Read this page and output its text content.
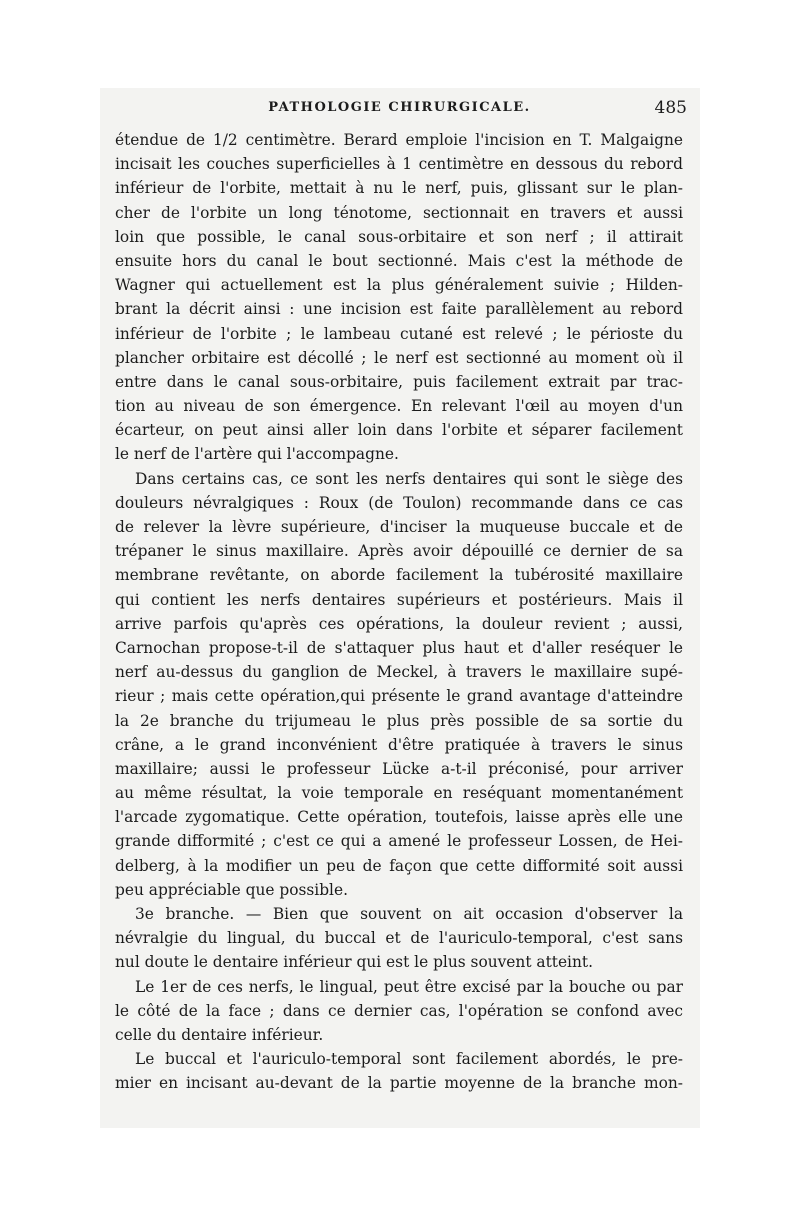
PATHOLOGIE CHIRURGICALE.	485
étendue de 1/2 centimètre. Berard emploie l'incision en T. Malgaigne
incisait les couches superficielles à 1 centimètre en dessous du rebord
inférieur de l'orbite, mettait à nu le nerf, puis, glissant sur le plan-
cher de l'orbite un long ténotome, sectionnait en travers et aussi
loin que possible, le canal sous-orbitaire et son nerf ; il attirait
ensuite hors du canal le bout sectionné. Mais c'est la méthode de
Wagner qui actuellement est la plus généralement suivie ; Hilden-
brant la décrit ainsi : une incision est faite parallèlement au rebord
inférieur de l'orbite ; le lambeau cutané est relevé ; le périoste du
plancher orbitaire est décollé ; le nerf est sectionné au moment où il
entre dans le canal sous-orbitaire, puis facilement extrait par trac-
tion au niveau de son émergence. En relevant l'œil au moyen d'un
écarteur, on peut ainsi aller loin dans l'orbite et séparer facilement
le nerf de l'artère qui l'accompagne.
Dans certains cas, ce sont les nerfs dentaires qui sont le siège des
douleurs névralgiques : Roux (de Toulon) recommande dans ce cas
de relever la lèvre supérieure, d'inciser la muqueuse buccale et de
trépaner le sinus maxillaire. Après avoir dépouillé ce dernier de sa
membrane revêtante, on aborde facilement la tubérosité maxillaire
qui contient les nerfs dentaires supérieurs et postérieurs. Mais il
arrive parfois qu'après ces opérations, la douleur revient ; aussi,
Carnochan propose-t-il de s'attaquer plus haut et d'aller reséquer le
nerf au-dessus du ganglion de Meckel, à travers le maxillaire supé-
rieur ; mais cette opération,qui présente le grand avantage d'atteindre
la 2e branche du trijumeau le plus près possible de sa sortie du
crâne, a le grand inconvénient d'être pratiquée à travers le sinus
maxillaire; aussi le professeur Lücke a-t-il préconisé, pour arriver
au même résultat, la voie temporale en reséquant momentanément
l'arcade zygomatique. Cette opération, toutefois, laisse après elle une
grande difformité ; c'est ce qui a amené le professeur Lossen, de Hei-
delberg, à la modifier un peu de façon que cette difformité soit aussi
peu appréciable que possible.
3e branche. — Bien que souvent on ait occasion d'observer la
névralgie du lingual, du buccal et de l'auriculo-temporal, c'est sans
nul doute le dentaire inférieur qui est le plus souvent atteint.
Le 1er de ces nerfs, le lingual, peut être excisé par la bouche ou par
le côté de la face ; dans ce dernier cas, l'opération se confond avec
celle du dentaire inférieur.
Le buccal et l'auriculo-temporal sont facilement abordés, le pre-
mier en incisant au-devant de la partie moyenne de la branche mon-
